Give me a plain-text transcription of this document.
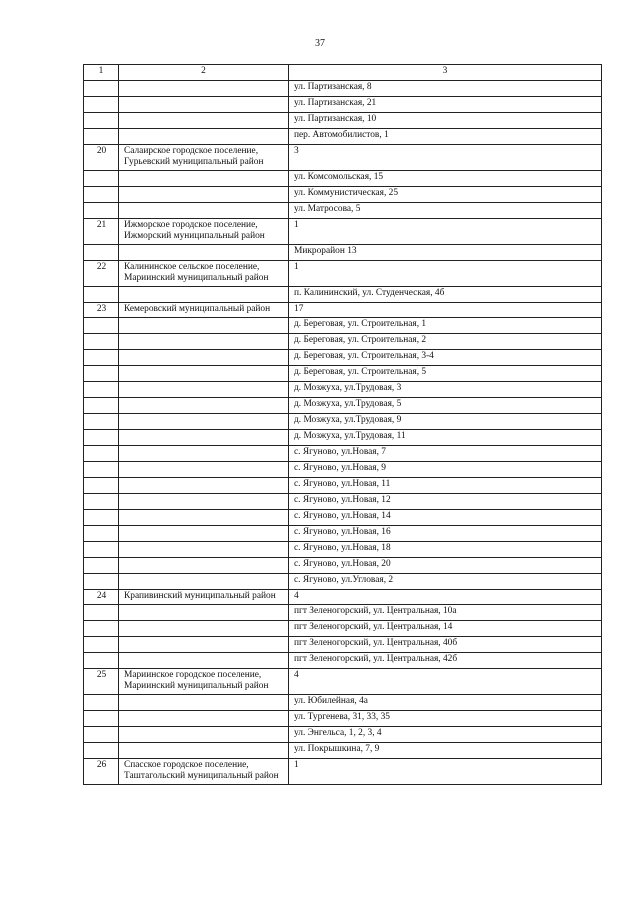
37
1	2	3
		ул. Партизанская, 8
		ул. Партизанская, 21
		ул. Партизанская, 10
		пер. Автомобилистов, 1
20	Салаирское городское поселение, Гурьевский муниципальный район	3
		ул. Комсомольская, 15
		ул. Коммунистическая, 25
		ул. Матросова, 5
21	Ижморское городское поселение, Ижморский муниципальный район	1
		Микрорайон 13
22	Калининское сельское поселение, Мариинский муниципальный район	1
		п. Калининский, ул. Студенческая, 4б
23	Кемеровский муниципальный район	17
		д. Береговая, ул. Строительная, 1
		д. Береговая, ул. Строительная, 2
		д. Береговая, ул. Строительная, 3-4
		д. Береговая, ул. Строительная, 5
		д. Мозжуха, ул.Трудовая, 3
		д. Мозжуха, ул.Трудовая, 5
		д. Мозжуха, ул.Трудовая, 9
		д. Мозжуха, ул.Трудовая, 11
		с. Ягуново, ул.Новая, 7
		с. Ягуново, ул.Новая, 9
		с. Ягуново, ул.Новая, 11
		с. Ягуново, ул.Новая, 12
		с. Ягуново, ул.Новая, 14
		с. Ягуново, ул.Новая, 16
		с. Ягуново, ул.Новая, 18
		с. Ягуново, ул.Новая, 20
		с. Ягуново, ул.Угловая, 2
24	Крапивинский муниципальный район	4
		пгт Зеленогорский, ул. Центральная, 10а
		пгт Зеленогорский, ул. Центральная, 14
		пгт Зеленогорский, ул. Центральная, 40б
		пгт Зеленогорский, ул. Центральная, 42б
25	Мариинское городское поселение, Мариинский муниципальный район	4
		ул. Юбилейная, 4а
		ул. Тургенева, 31, 33, 35
		ул. Энгельса, 1, 2, 3, 4
		ул. Покрышкина, 7, 9
26	Спасское городское поселение, Таштагольский муниципальный район	1
